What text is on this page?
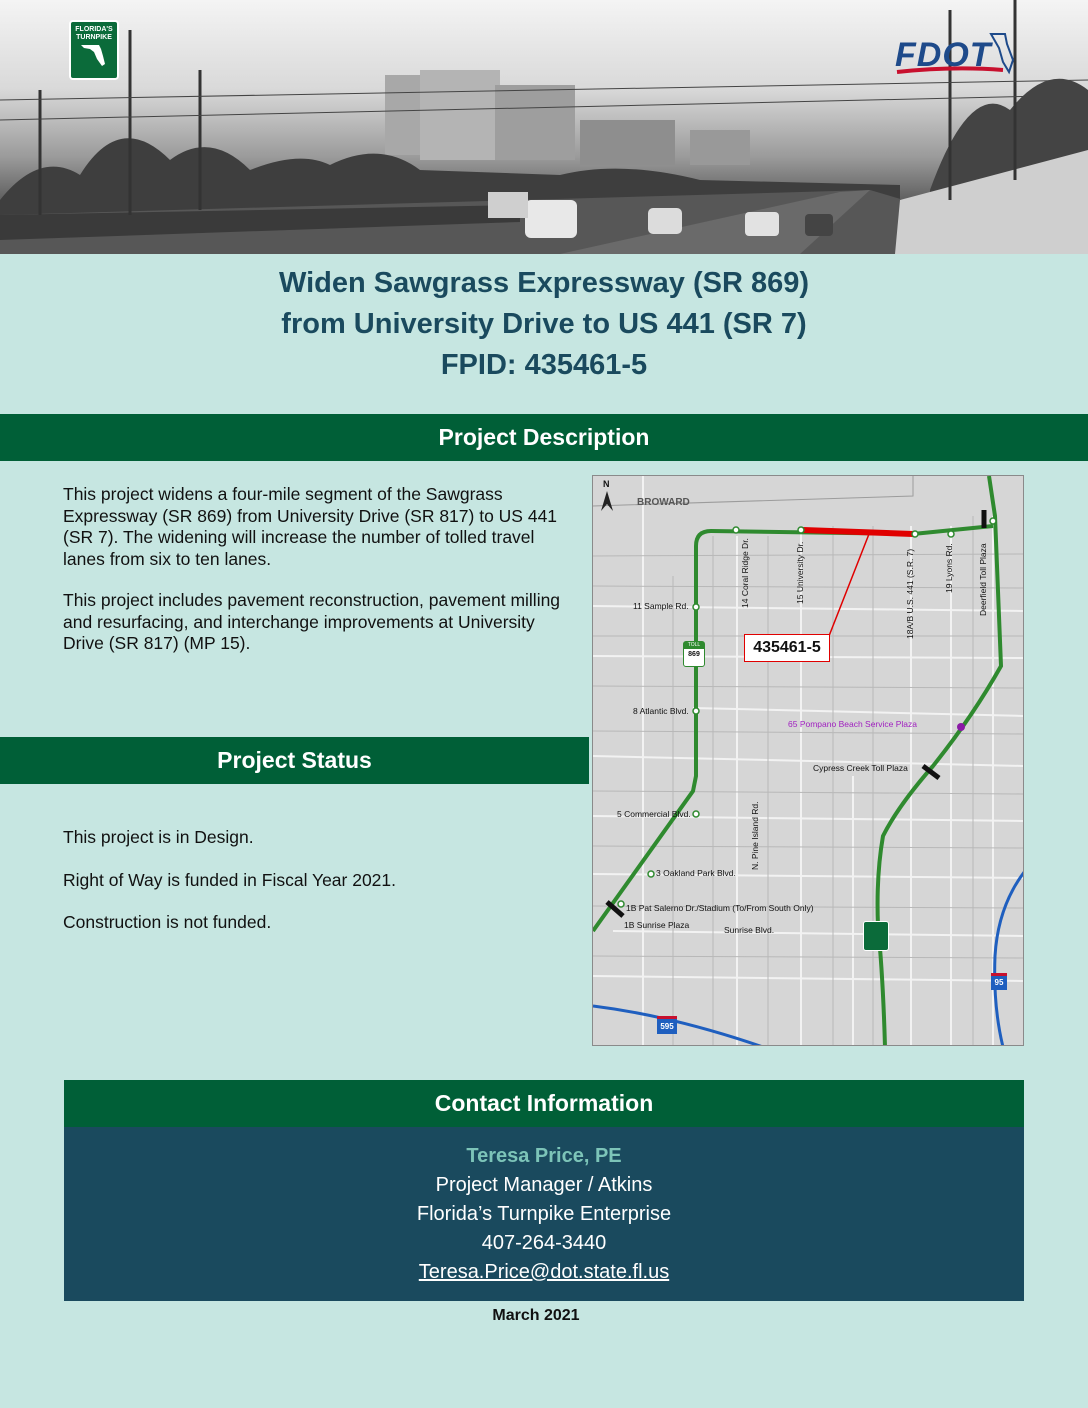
FLORIDA'S TURNPIKE	FDOT
Widen Sawgrass Expressway (SR 869)
from University Drive to US 441 (SR 7)
FPID: 435461-5
Project Description
This project widens a four-mile segment of the Sawgrass Expressway (SR 869) from University Drive (SR 817) to US 441 (SR 7). The widening will increase the number of tolled travel lanes from six to ten lanes.
This project includes pavement reconstruction, pavement milling and resurfacing, and interchange improvements at University Drive (SR 817) (MP 15).
Project Status
This project is in Design.
Right of Way is funded in Fiscal Year 2021.
Construction is not funded.
N
BROWARD
14 Coral Ridge Dr.	15 University Dr.	18A/B U.S. 441 (S.R. 7)	19 Lyons Rd.	Deerfield Toll Plaza
N. Pine Island Rd.
11 Sample Rd.
8 Atlantic Blvd.
65 Pompano Beach Service Plaza
Cypress Creek Toll Plaza
5 Commercial Blvd.
3 Oakland Park Blvd.
1B Pat Salerno Dr./Stadium (To/From South Only)
1B Sunrise Plaza	Sunrise Blvd.
435461-5
TOLL
869
595
95
Contact Information
Teresa Price, PE
Project Manager / Atkins
Florida’s Turnpike Enterprise
407-264-3440
Teresa.Price@dot.state.fl.us
March 2021
